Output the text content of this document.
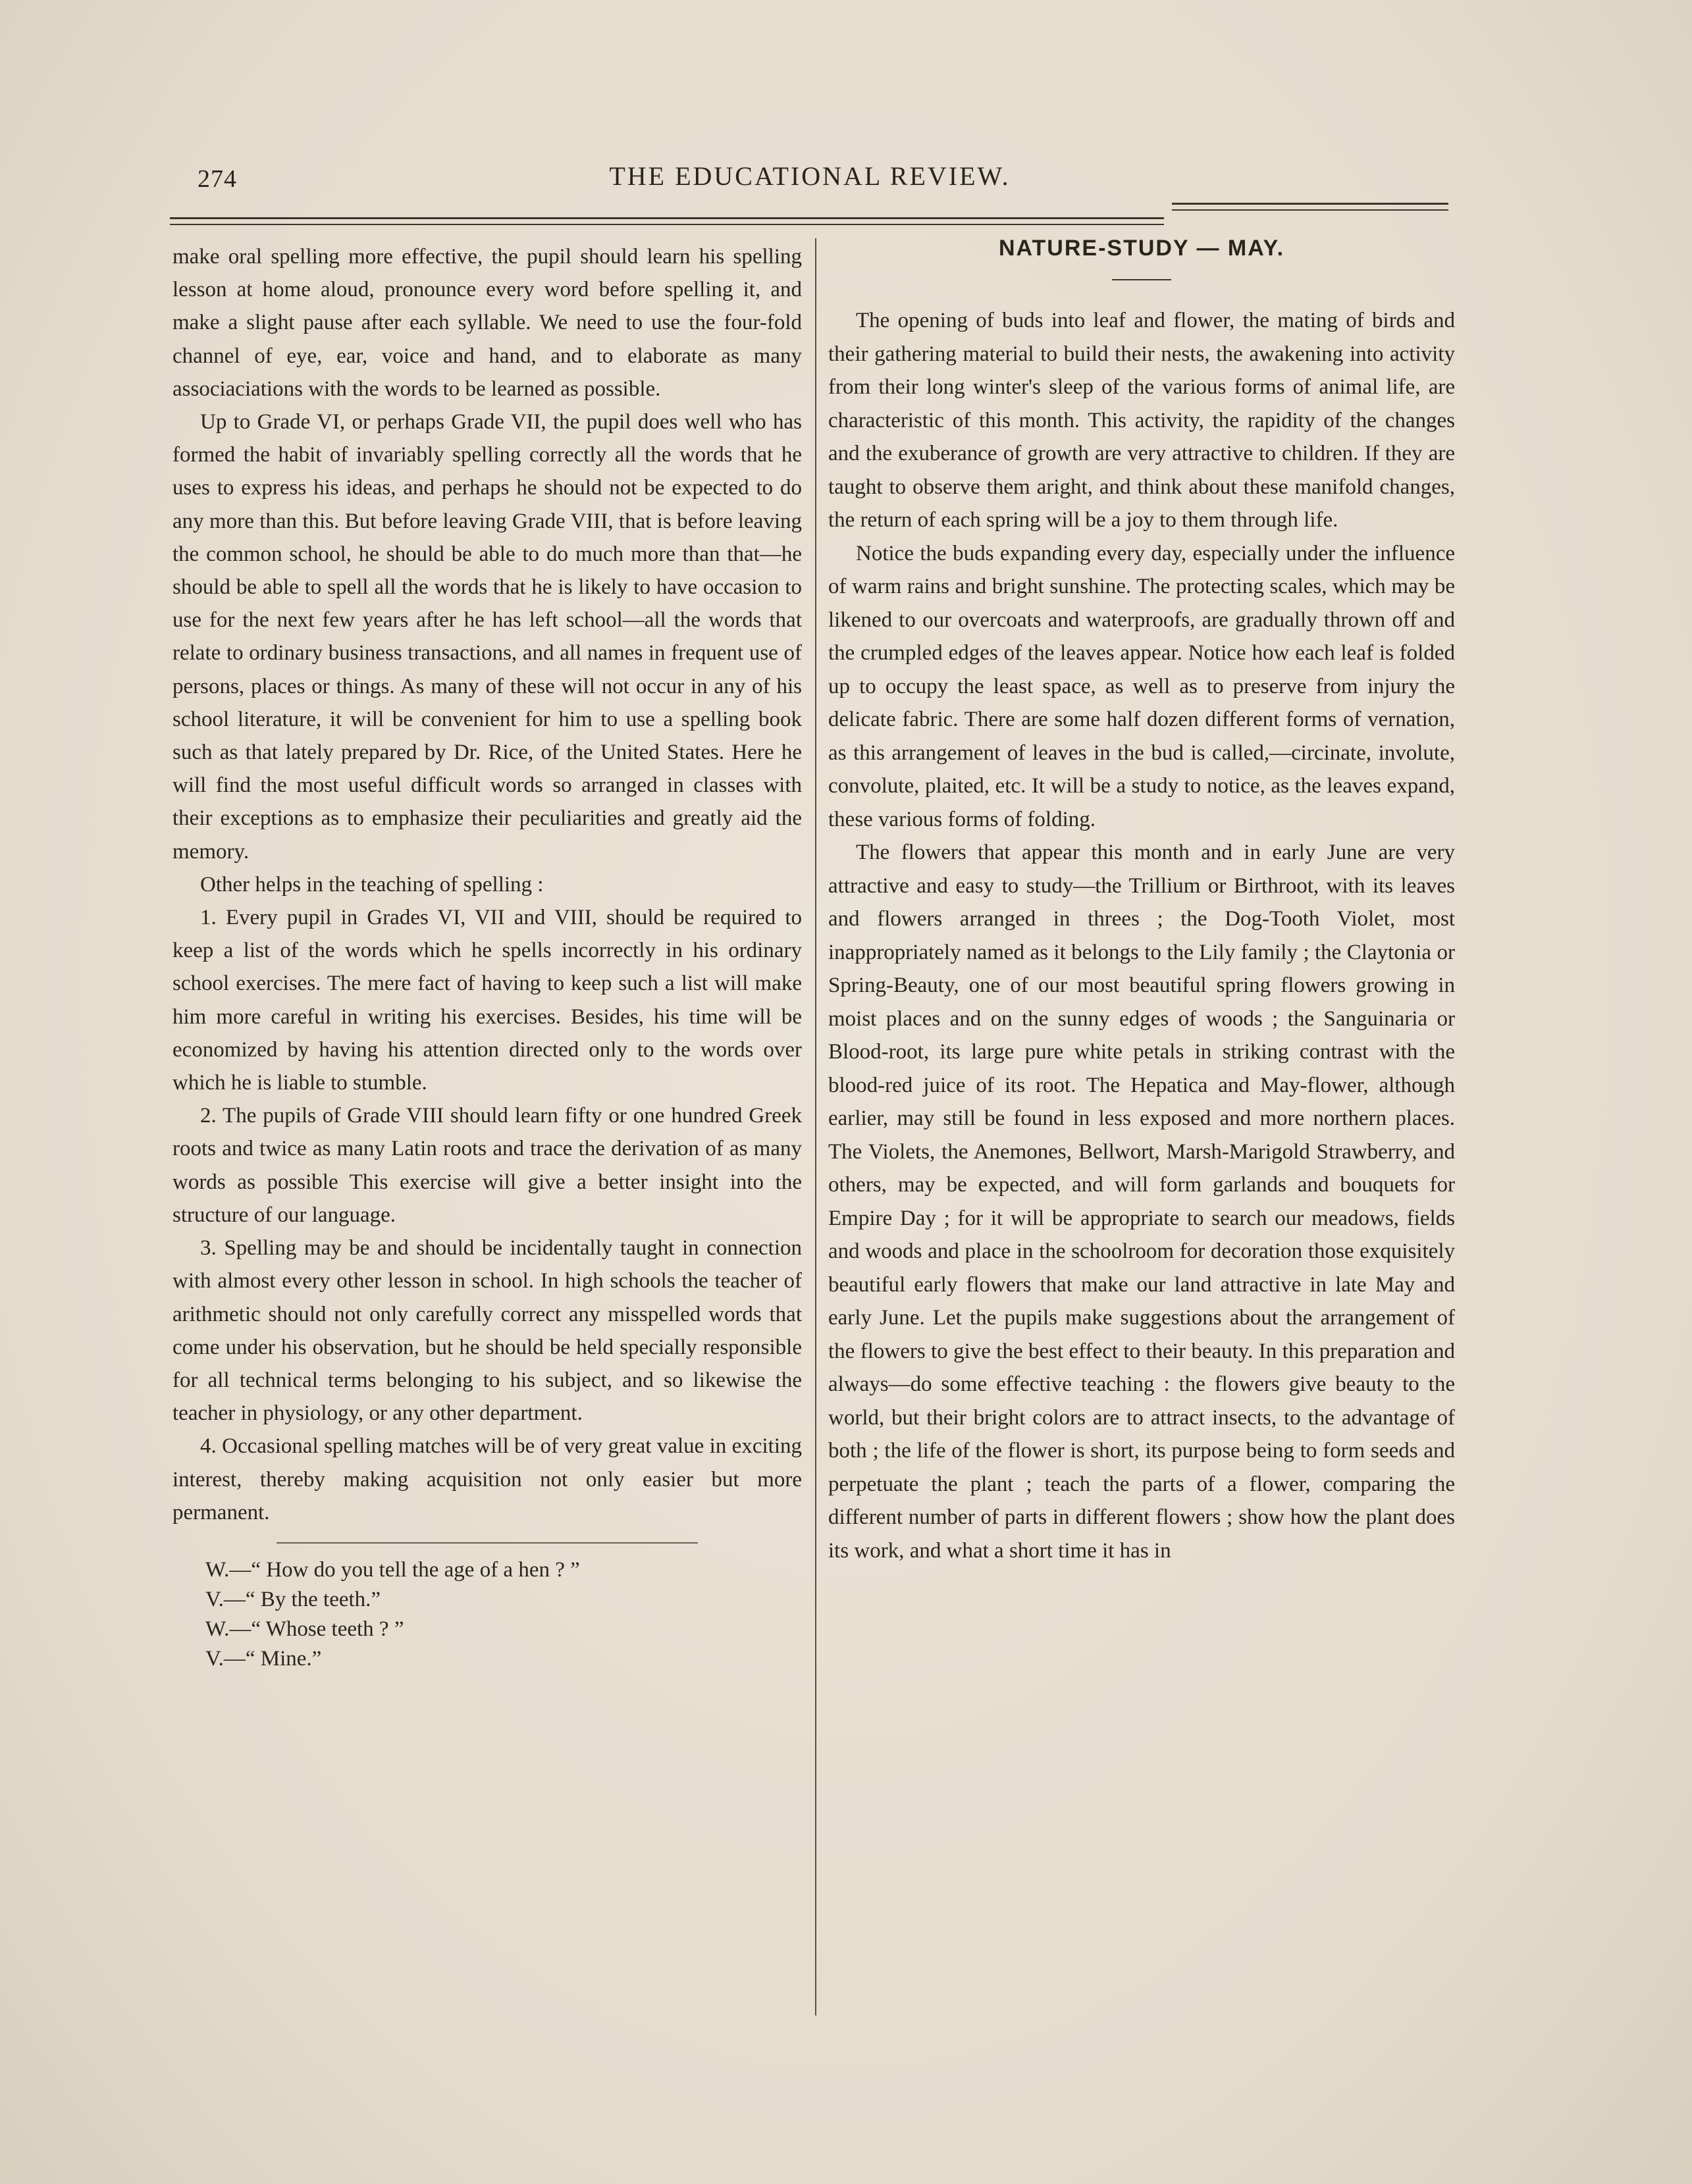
274	THE EDUCATIONAL REVIEW.

make oral spelling more effective, the pupil should learn his spelling lesson at home aloud, pronounce every word before spelling it, and make a slight pause after each syllable. We need to use the four-fold channel of eye, ear, voice and hand, and to elaborate as many associaciations with the words to be learned as possible.

Up to Grade VI, or perhaps Grade VII, the pupil does well who has formed the habit of invariably spelling correctly all the words that he uses to express his ideas, and perhaps he should not be expected to do any more than this. But before leaving Grade VIII, that is before leaving the common school, he should be able to do much more than that—he should be able to spell all the words that he is likely to have occasion to use for the next few years after he has left school—all the words that relate to ordinary business transactions, and all names in frequent use of persons, places or things. As many of these will not occur in any of his school literature, it will be convenient for him to use a spelling book such as that lately prepared by Dr. Rice, of the United States. Here he will find the most useful difficult words so arranged in classes with their exceptions as to emphasize their peculiarities and greatly aid the memory.

Other helps in the teaching of spelling :

1. Every pupil in Grades VI, VII and VIII, should be required to keep a list of the words which he spells incorrectly in his ordinary school exercises. The mere fact of having to keep such a list will make him more careful in writing his exercises. Besides, his time will be economized by having his attention directed only to the words over which he is liable to stumble.

2. The pupils of Grade VIII should learn fifty or one hundred Greek roots and twice as many Latin roots and trace the derivation of as many words as possible This exercise will give a better insight into the structure of our language.

3. Spelling may be and should be incidentally taught in connection with almost every other lesson in school. In high schools the teacher of arithmetic should not only carefully correct any misspelled words that come under his observation, but he should be held specially responsible for all technical terms belonging to his subject, and so likewise the teacher in physiology, or any other department.

4. Occasional spelling matches will be of very great value in exciting interest, thereby making acquisition not only easier but more permanent.

W.—“ How do you tell the age of a hen ? ”

V.—“ By the teeth.”

W.—“ Whose teeth ? ”

V.—“ Mine.”

NATURE-STUDY — MAY.

The opening of buds into leaf and flower, the mating of birds and their gathering material to build their nests, the awakening into activity from their long winter's sleep of the various forms of animal life, are characteristic of this month. This activity, the rapidity of the changes and the exuberance of growth are very attractive to children. If they are taught to observe them aright, and think about these manifold changes, the return of each spring will be a joy to them through life.

Notice the buds expanding every day, especially under the influence of warm rains and bright sunshine. The protecting scales, which may be likened to our overcoats and waterproofs, are gradually thrown off and the crumpled edges of the leaves appear. Notice how each leaf is folded up to occupy the least space, as well as to preserve from injury the delicate fabric. There are some half dozen different forms of vernation, as this arrangement of leaves in the bud is called,—circinate, involute, convolute, plaited, etc. It will be a study to notice, as the leaves expand, these various forms of folding.

The flowers that appear this month and in early June are very attractive and easy to study—the Trillium or Birthroot, with its leaves and flowers arranged in threes ; the Dog-Tooth Violet, most inappropriately named as it belongs to the Lily family ; the Claytonia or Spring-Beauty, one of our most beautiful spring flowers growing in moist places and on the sunny edges of woods ; the Sanguinaria or Blood-root, its large pure white petals in striking contrast with the blood-red juice of its root. The Hepatica and May-flower, although earlier, may still be found in less exposed and more northern places. The Violets, the Anemones, Bellwort, Marsh-Marigold Strawberry, and others, may be expected, and will form garlands and bouquets for Empire Day ; for it will be appropriate to search our meadows, fields and woods and place in the schoolroom for decoration those exquisitely beautiful early flowers that make our land attractive in late May and early June. Let the pupils make suggestions about the arrangement of the flowers to give the best effect to their beauty. In this preparation and always—do some effective teaching : the flowers give beauty to the world, but their bright colors are to attract insects, to the advantage of both ; the life of the flower is short, its purpose being to form seeds and perpetuate the plant ; teach the parts of a flower, comparing the different number of parts in different flowers ; show how the plant does its work, and what a short time it has in
